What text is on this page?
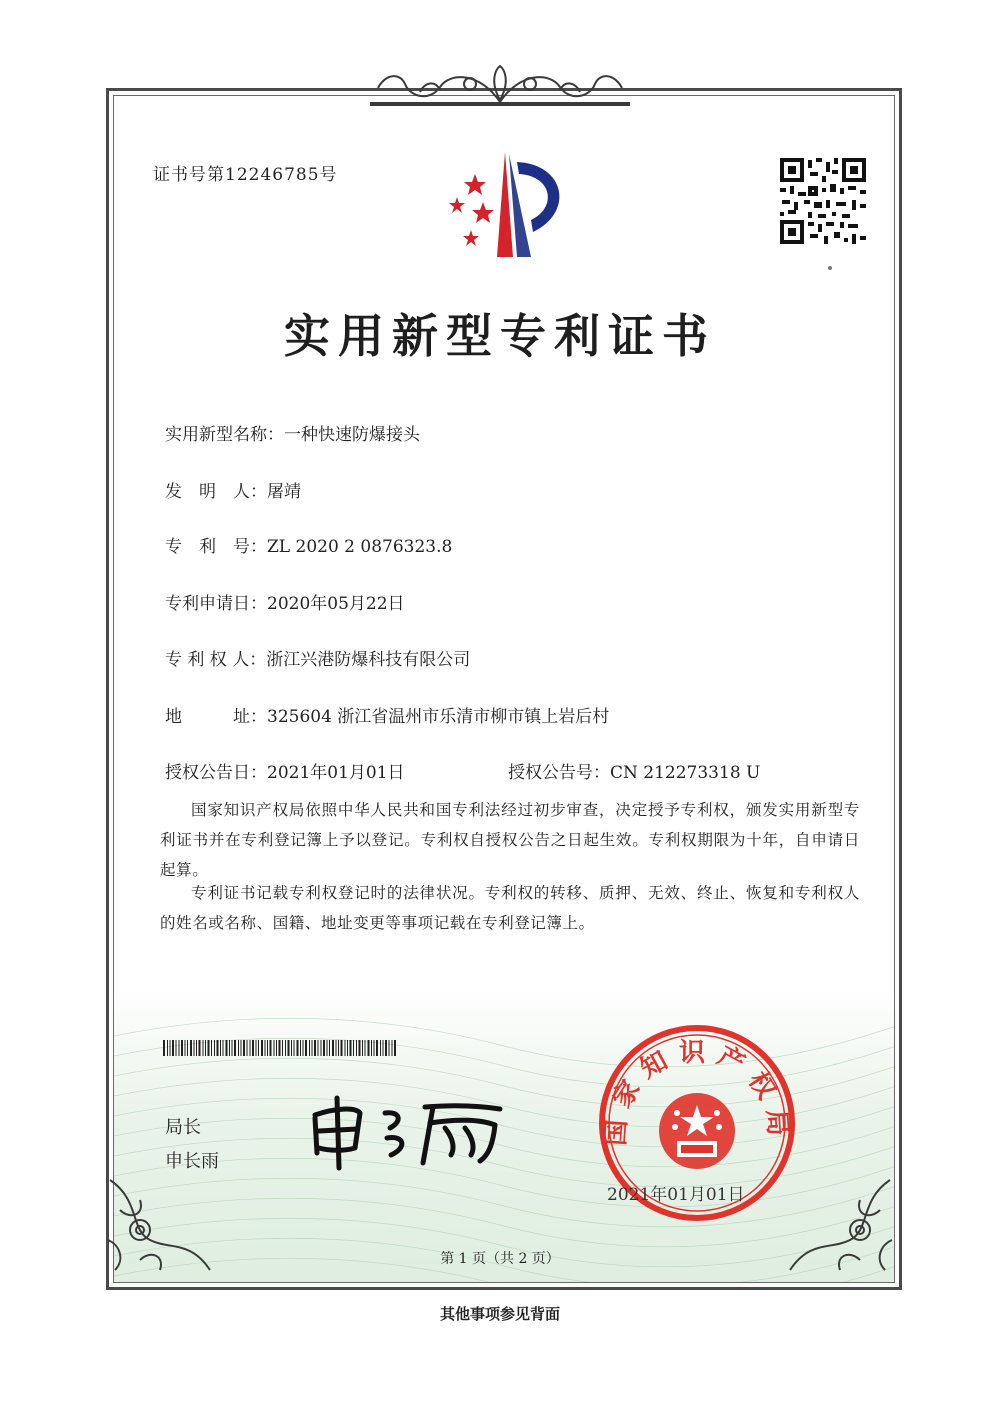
证书号第12246785号
实用新型专利证书
实用新型名称：一种快速防爆接头
发　明　人：屠靖
专　利　号：ZL 2020 2 0876323.8
专利申请日：2020年05月22日
专 利 权 人：浙江兴港防爆科技有限公司
地　　　址：325604 浙江省温州市乐清市柳市镇上岩后村
授权公告日：2021年01月01日	授权公告号：CN 212273318 U
国家知识产权局依照中华人民共和国专利法经过初步审查，决定授予专利权，颁发实用新型专利证书并在专利登记簿上予以登记。专利权自授权公告之日起生效。专利权期限为十年，自申请日起算。
专利证书记载专利权登记时的法律状况。专利权的转移、质押、无效、终止、恢复和专利权人的姓名或名称、国籍、地址变更等事项记载在专利登记簿上。
局长
申长雨
国家知识产权局
2021年01月01日
第 1 页（共 2 页）
其他事项参见背面
